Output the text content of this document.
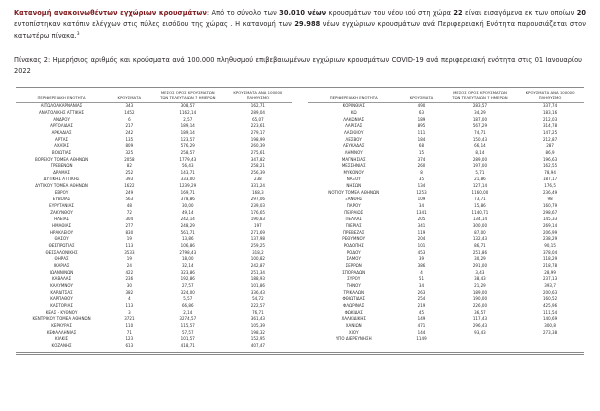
Κατανομή ανακοινωθέντων εγχώριων κρουσμάτων: Από το σύνολο των 30.010 νέων κρουσμάτων του νέου ιού στη χώρα 22 είναι εισαγόμενα εκ των οποίων 20 εντοπίστηκαν κατόπιν ελέγχων στις πύλες εισόδου της χώρας . Η κατανομή των 29.988 νέων εγχώριων κρουσμάτων ανά Περιφερειακή Ενότητα παρουσιάζεται στον κατωτέρω πίνακα.$^3$

Πίνακας 2: Ημερήσιος αριθμός και κρούσματα ανά 100.000 πληθυσμού επιβεβαιωμένων εγχώριων κρουσμάτων COVID-19 ανά περιφερειακή ενότητα στις 01 Ιανουαρίου 2022

ΠΕΡΙΦΕΡΕΙΑΚΗ ΕΝΟΤΗΤΑ	ΚΡΟΥΣΜΑΤΑ	ΜΕΣΟΣ ΟΡΟΣ ΚΡΟΥΣΜΑΤΩΝ
ΤΩΝ ΤΕΛΕΥΤΑΙΩΝ 7 ΗΜΕΡΩΝ	ΚΡΟΥΣΜΑΤΑ ΑΝΑ 100000
ΠΛΗΘΥΣΜΟ		ΠΕΡΙΦΕΡΕΙΑΚΗ ΕΝΟΤΗΤΑ	ΚΡΟΥΣΜΑΤΑ	ΜΕΣΟΣ ΟΡΟΣ ΚΡΟΥΣΜΑΤΩΝ
ΤΩΝ ΤΕΛΕΥΤΑΙΩΝ 7 ΗΜΕΡΩΝ	ΚΡΟΥΣΜΑΤΑ ΑΝΑ 100000
ΠΛΗΘΥΣΜΟ
ΑΙΤΩΛΟΑΚΑΡΝΑΝΙΑΣ	343	308,57	162,71		ΚΟΡΙΝΘΙΑΣ	490	283,57	337,74
ΑΝΑΤΟΛΙΚΗΣ ΑΤΤΙΚΗΣ	1452	1162,14	289,04		ΚΩ	63	34,29	183,16
ΑΝΔΡΟΥ	6	2,57	65,07		ΛΑΚΩΝΙΑΣ	189	187,00	212,03
ΑΡΓΟΛΙΔΑΣ	217	189,14	223,61		ΛΑΡΙΣΑΣ	895	567,29	314,78
ΑΡΚΑΔΙΑΣ	242	189,14	279,17		ΛΑΣΙΘΙΟΥ	111	74,71	147,25
ΑΡΤΑΣ	135	123,57	198,99		ΛΕΣΒΟΥ	184	150,43	212,87
ΑΧΑΪΑΣ	809	576,29	260,39		ΛΕΥΚΑΔΑΣ	68	66,14	287
ΒΟΙΩΤΙΑΣ	325	258,57	275,61		ΛΗΜΝΟΥ	15	8,14	86,9
ΒΟΡΕΙΟΥ ΤΟΜΕΑ ΑΘΗΝΩΝ	2058	1779,43	347,82		ΜΑΓΝΗΣΙΑΣ	374	289,00	196,63
ΓΡΕΒΕΝΩΝ	82	56,43	258,21		ΜΕΣΣΗΝΙΑΣ	260	197,00	162,55
ΔΡΑΜΑΣ	252	143,71	256,39		ΜΥΚΟΝΟΥ	8	5,71	78,94
ΔΥΤΙΚΗΣ ΑΤΤΙΚΗΣ	393	333,00	238		ΝΑΞΟΥ	35	21,86	187,17
ΔΥΤΙΚΟΥ ΤΟΜΕΑ ΑΘΗΝΩΝ	1622	1239,29	331,24		ΝΗΣΩΝ	134	127,14	176,5
ΕΒΡΟΥ	249	169,71	168,3		ΝΟΤΙΟΥ ΤΟΜΕΑ ΑΘΗΝΩΝ	1253	1160,00	236,49
ΕΥΒΟΙΑΣ	563	378,86	297,06		ΞΑΝΘΗΣ	109	73,71	98
ΕΥΡΥΤΑΝΙΑΣ	48	30,00	239,03		ΠΑΡΟΥ	34	15,86	160,79
ΖΑΚΥΝΘΟΥ	72	49,14	176,65		ΠΕΙΡΑΙΩΣ	1341	1140,71	298,67
ΗΛΕΙΑΣ	304	242,14	190,83		ΠΕΛΛΑΣ	205	134,14	145,33
ΗΜΑΘΙΑΣ	277	248,29	197		ΠΙΕΡΙΑΣ	341	300,00	269,14
ΗΡΑΚΛΕΙΟΥ	830	561,71	271,69		ΠΡΕΒΕΖΑΣ	119	87,00	206,99
ΘΑΣΟΥ	19	13,86	137,98		ΡΕΘΥΜΝΟΥ	204	132,43	238,29
ΘΕΣΠΡΩΤΙΑΣ	113	106,86	259,25		ΡΟΔΟΠΗΣ	101	86,71	90,15
ΘΕΣΣΑΛΟΝΙΚΗΣ	3533	2798,43	318,2		ΡΟΔΟΥ	453	251,86	378,04
ΘΗΡΑΣ	19	18,00	100,82		ΣΑΜΟΥ	39	30,29	118,29
ΙΚΑΡΙΑΣ	24	32,14	242,87		ΣΕΡΡΩΝ	386	291,00	218,78
ΙΩΑΝΝΙΝΩΝ	422	323,86	251,34		ΣΠΟΡΑΔΩΝ	4	3,43	28,99
ΚΑΒΑΛΑΣ	236	192,86	188,93		ΣΥΡΟΥ	51	38,43	237,13
ΚΑΛΥΜΝΟΥ	30	27,57	101,86		ΤΗΝΟΥ	34	21,29	393,7
ΚΑΡΔΙΤΣΑΣ	382	324,00	336,43		ΤΡΙΚΑΛΩΝ	263	189,00	200,63
ΚΑΡΠΑΘΟΥ	4	5,57	54,72		ΦΘΙΩΤΙΔΑΣ	254	190,00	160,52
ΚΑΣΤΟΡΙΑΣ	113	66,86	222,57		ΦΛΩΡΙΝΑΣ	219	226,00	425,96
ΚΕΑΣ - ΚΥΘΝΟΥ	3	2,14	76,71		ΦΩΚΙΔΑΣ	45	36,57	111,54
ΚΕΝΤΡΙΚΟΥ ΤΟΜΕΑ ΑΘΗΝΩΝ	3721	3274,57	361,43		ΧΑΛΚΙΔΙΚΗΣ	149	117,43	140,69
ΚΕΡΚΥΡΑΣ	110	115,57	105,39		ΧΑΝΙΩΝ	471	296,43	300,8
ΚΕΦΑΛΛΗΝΙΑΣ	71	57,57	198,32		ΧΙΟΥ	144	93,43	273,38
ΚΙΛΚΙΣ	123	101,57	152,95		ΥΠΟ ΔΙΕΡΕΥΝΗΣΗ	1149		
ΚΟΖΑΝΗΣ	613	418,71	407,47					
